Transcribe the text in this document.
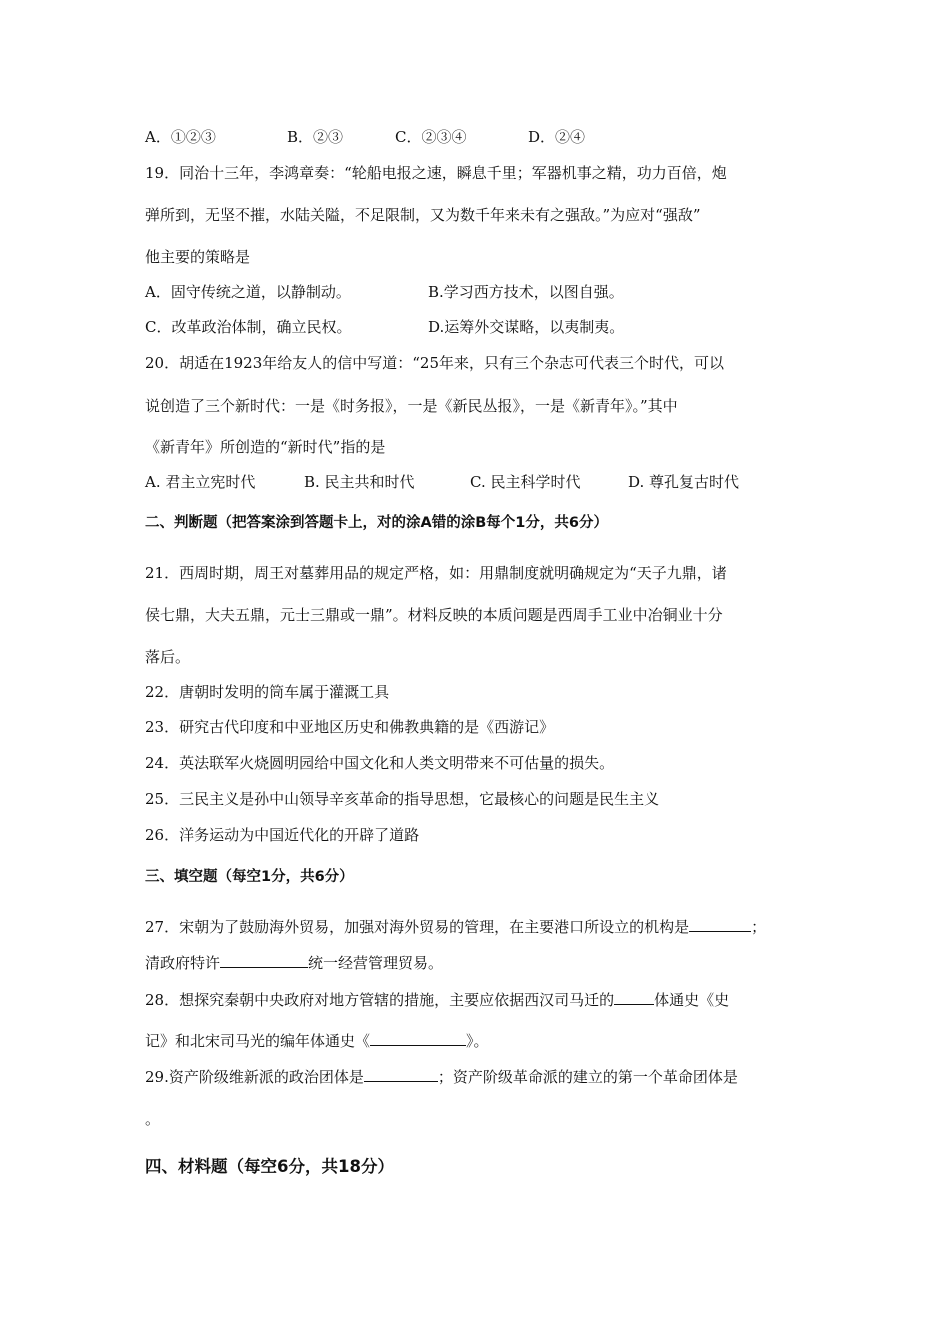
A．①②③	B．②③	C．②③④	D．②④
19．同治十三年，李鸿章奏：“轮船电报之速，瞬息千里；军器机事之精，功力百倍，炮
弹所到，无坚不摧，水陆关隘，不足限制，又为数千年来未有之强敌。”为应对“强敌”
他主要的策略是
A．固守传统之道，以静制动。	B.学习西方技术，以图自强。
C．改革政治体制，确立民权。	D.运筹外交谋略，以夷制夷。
20．胡适在1923年给友人的信中写道：“25年来，只有三个杂志可代表三个时代，可以
说创造了三个新时代：一是《时务报》，一是《新民丛报》，一是《新青年》。”其中
《新青年》所创造的“新时代”指的是
A. 君主立宪时代	B. 民主共和时代	C. 民主科学时代	D. 尊孔复古时代
二、判断题（把答案涂到答题卡上，对的涂A错的涂B每个1分，共6分）
21．西周时期，周王对墓葬用品的规定严格，如：用鼎制度就明确规定为“天子九鼎，诸
侯七鼎，大夫五鼎，元士三鼎或一鼎”。材料反映的本质问题是西周手工业中冶铜业十分
落后。
22．唐朝时发明的筒车属于灌溉工具
23．研究古代印度和中亚地区历史和佛教典籍的是《西游记》
24．英法联军火烧圆明园给中国文化和人类文明带来不可估量的损失。
25．三民主义是孙中山领导辛亥革命的指导思想，它最核心的问题是民生主义
26．洋务运动为中国近代化的开辟了道路
三、填空题（每空1分，共6分）
27．宋朝为了鼓励海外贸易，加强对海外贸易的管理，在主要港口所设立的机构是	；
清政府特许	统一经营管理贸易。
28．想探究秦朝中央政府对地方管辖的措施，主要应依据西汉司马迁的	体通史《史
记》和北宋司马光的编年体通史《	》。
29.资产阶级维新派的政治团体是	；资产阶级革命派的建立的第一个革命团体是
。
四、材料题（每空6分，共18分）
